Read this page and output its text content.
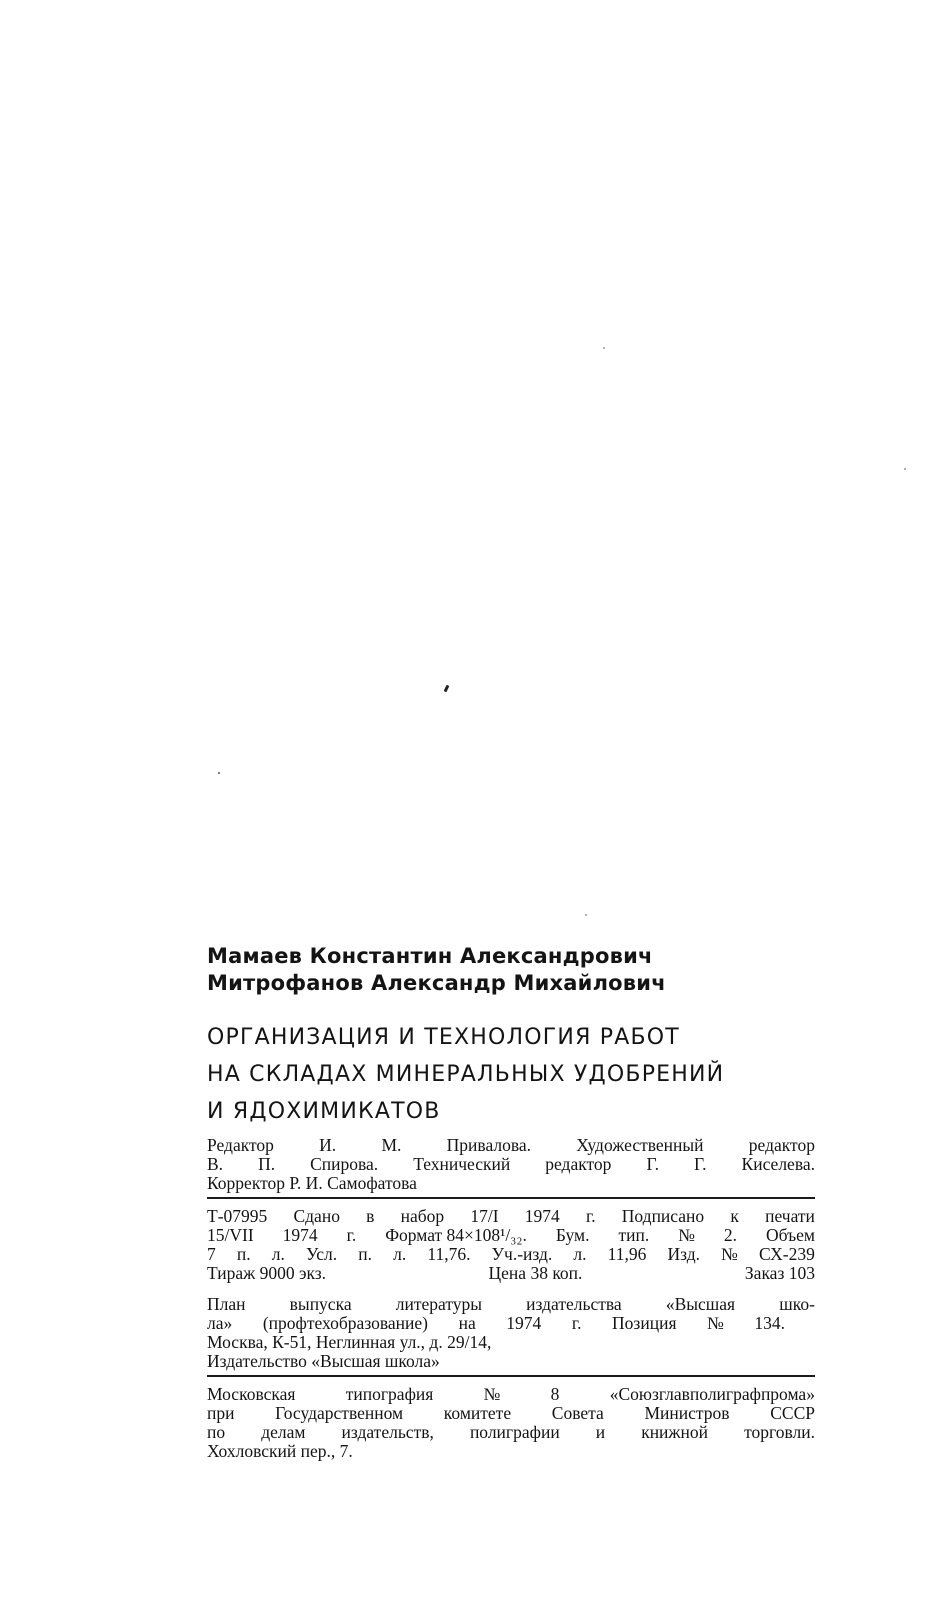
Мамаев Константин Александрович
Митрофанов Александр Михайлович
ОРГАНИЗАЦИЯ И ТЕХНОЛОГИЯ РАБОТ
НА СКЛАДАХ МИНЕРАЛЬНЫХ УДОБРЕНИЙ
И ЯДОХИМИКАТОВ
Редактор	И.	М.	Привалова.	Художественный	редактор
В. П. Спирова. Технический редактор Г. Г. Киселева.
Корректор Р. И. Самофатова
Т-07995 Сдано в набор 17/I 1974 г. Подписано к печати
15/VII 1974 г. Формат 84×108¹/₃₂. Бум. тип. № 2. Объем
7 п. л. Усл. п. л. 11,76. Уч.-изд. л. 11,96 Изд. № СХ-239
Тираж 9000 экз.	Цена 38 коп.	Заказ 103
План	выпуска	литературы	издательства	«Высшая	шко-
ла» (профтехобразование) на 1974 г. Позиция № 134.
Москва, К-51, Неглинная ул., д. 29/14,
Издательство «Высшая школа»
Московская	типография	№	8	«Союзглавполиграфпрома»
при Государственном комитете Совета Министров СССР
по делам издательств, полиграфии и книжной торговли.
Хохловский пер., 7.
